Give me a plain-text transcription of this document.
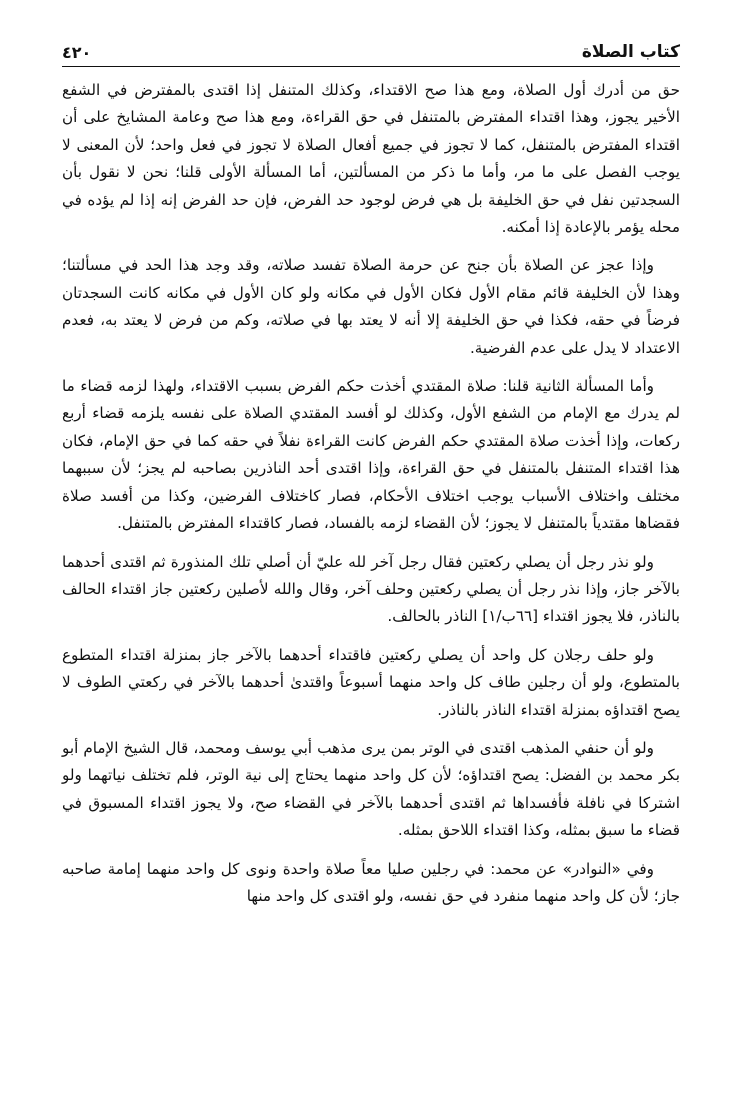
كتاب الصلاة
٤٢٠

حق من أدرك أول الصلاة، ومع هذا صح الاقتداء، وكذلك المتنفل إذا اقتدى بالمفترض في الشفع الأخير يجوز، وهذا اقتداء المفترض بالمتنفل في حق القراءة، ومع هذا صح وعامة المشايخ على أن اقتداء المفترض بالمتنفل، كما لا تجوز في جميع أفعال الصلاة لا تجوز في فعل واحد؛ لأن المعنى لا يوجب الفصل على ما مر، وأما ما ذكر من المسألتين، أما المسألة الأولى قلنا؛ نحن لا نقول بأن السجدتين نفل في حق الخليفة بل هي فرض لوجود حد الفرض، فإن حد الفرض إنه إذا لم يؤده في محله يؤمر بالإعادة إذا أمكنه.

وإذا عجز عن الصلاة بأن جنح عن حرمة الصلاة تفسد صلاته، وقد وجد هذا الحد في مسألتنا؛ وهذا لأن الخليفة قائم مقام الأول فكان الأول في مكانه ولو كان الأول في مكانه كانت السجدتان فرضاً في حقه، فكذا في حق الخليفة إلا أنه لا يعتد بها في صلاته، وكم من فرض لا يعتد به، فعدم الاعتداد لا يدل على عدم الفرضية.

وأما المسألة الثانية قلنا: صلاة المقتدي أخذت حكم الفرض بسبب الاقتداء، ولهذا لزمه قضاء ما لم يدرك مع الإمام من الشفع الأول، وكذلك لو أفسد المقتدي الصلاة على نفسه يلزمه قضاء أربع ركعات، وإذا أخذت صلاة المقتدي حكم الفرض كانت القراءة نفلاً في حقه كما في حق الإمام، فكان هذا اقتداء المتنفل بالمتنفل في حق القراءة، وإذا اقتدى أحد الناذرين بصاحبه لم يجز؛ لأن سببهما مختلف واختلاف الأسباب يوجب اختلاف الأحكام، فصار كاختلاف الفرضين، وكذا من أفسد صلاة فقضاها مقتدياً بالمتنفل لا يجوز؛ لأن القضاء لزمه بالفساد، فصار كاقتداء المفترض بالمتنفل.

ولو نذر رجل أن يصلي ركعتين فقال رجل آخر لله عليّ أن أصلي تلك المنذورة ثم اقتدى أحدهما بالآخر جاز، وإذا نذر رجل أن يصلي ركعتين وحلف آخر، وقال والله لأصلين ركعتين جاز اقتداء الحالف بالناذر، فلا يجوز اقتداء [٦٦ب/١] الناذر بالحالف.

ولو حلف رجلان كل واحد أن يصلي ركعتين فاقتداء أحدهما بالآخر جاز بمنزلة اقتداء المتطوع بالمتطوع، ولو أن رجلين طاف كل واحد منهما أسبوعاً واقتدىٰ أحدهما بالآخر في ركعتي الطوف لا يصح اقتداؤه بمنزلة اقتداء الناذر بالناذر.

ولو أن حنفي المذهب اقتدى في الوتر بمن يرى مذهب أبي يوسف ومحمد، قال الشيخ الإمام أبو بكر محمد بن الفضل: يصح اقتداؤه؛ لأن كل واحد منهما يحتاج إلى نية الوتر، فلم تختلف نياتهما ولو اشتركا في نافلة فأفسداها ثم اقتدى أحدهما بالآخر في القضاء صح، ولا يجوز اقتداء المسبوق في قضاء ما سبق بمثله، وكذا اقتداء اللاحق بمثله.

وفي «النوادر» عن محمد: في رجلين صليا معاً صلاة واحدة ونوى كل واحد منهما إمامة صاحبه جاز؛ لأن كل واحد منهما منفرد في حق نفسه، ولو اقتدى كل واحد منها
